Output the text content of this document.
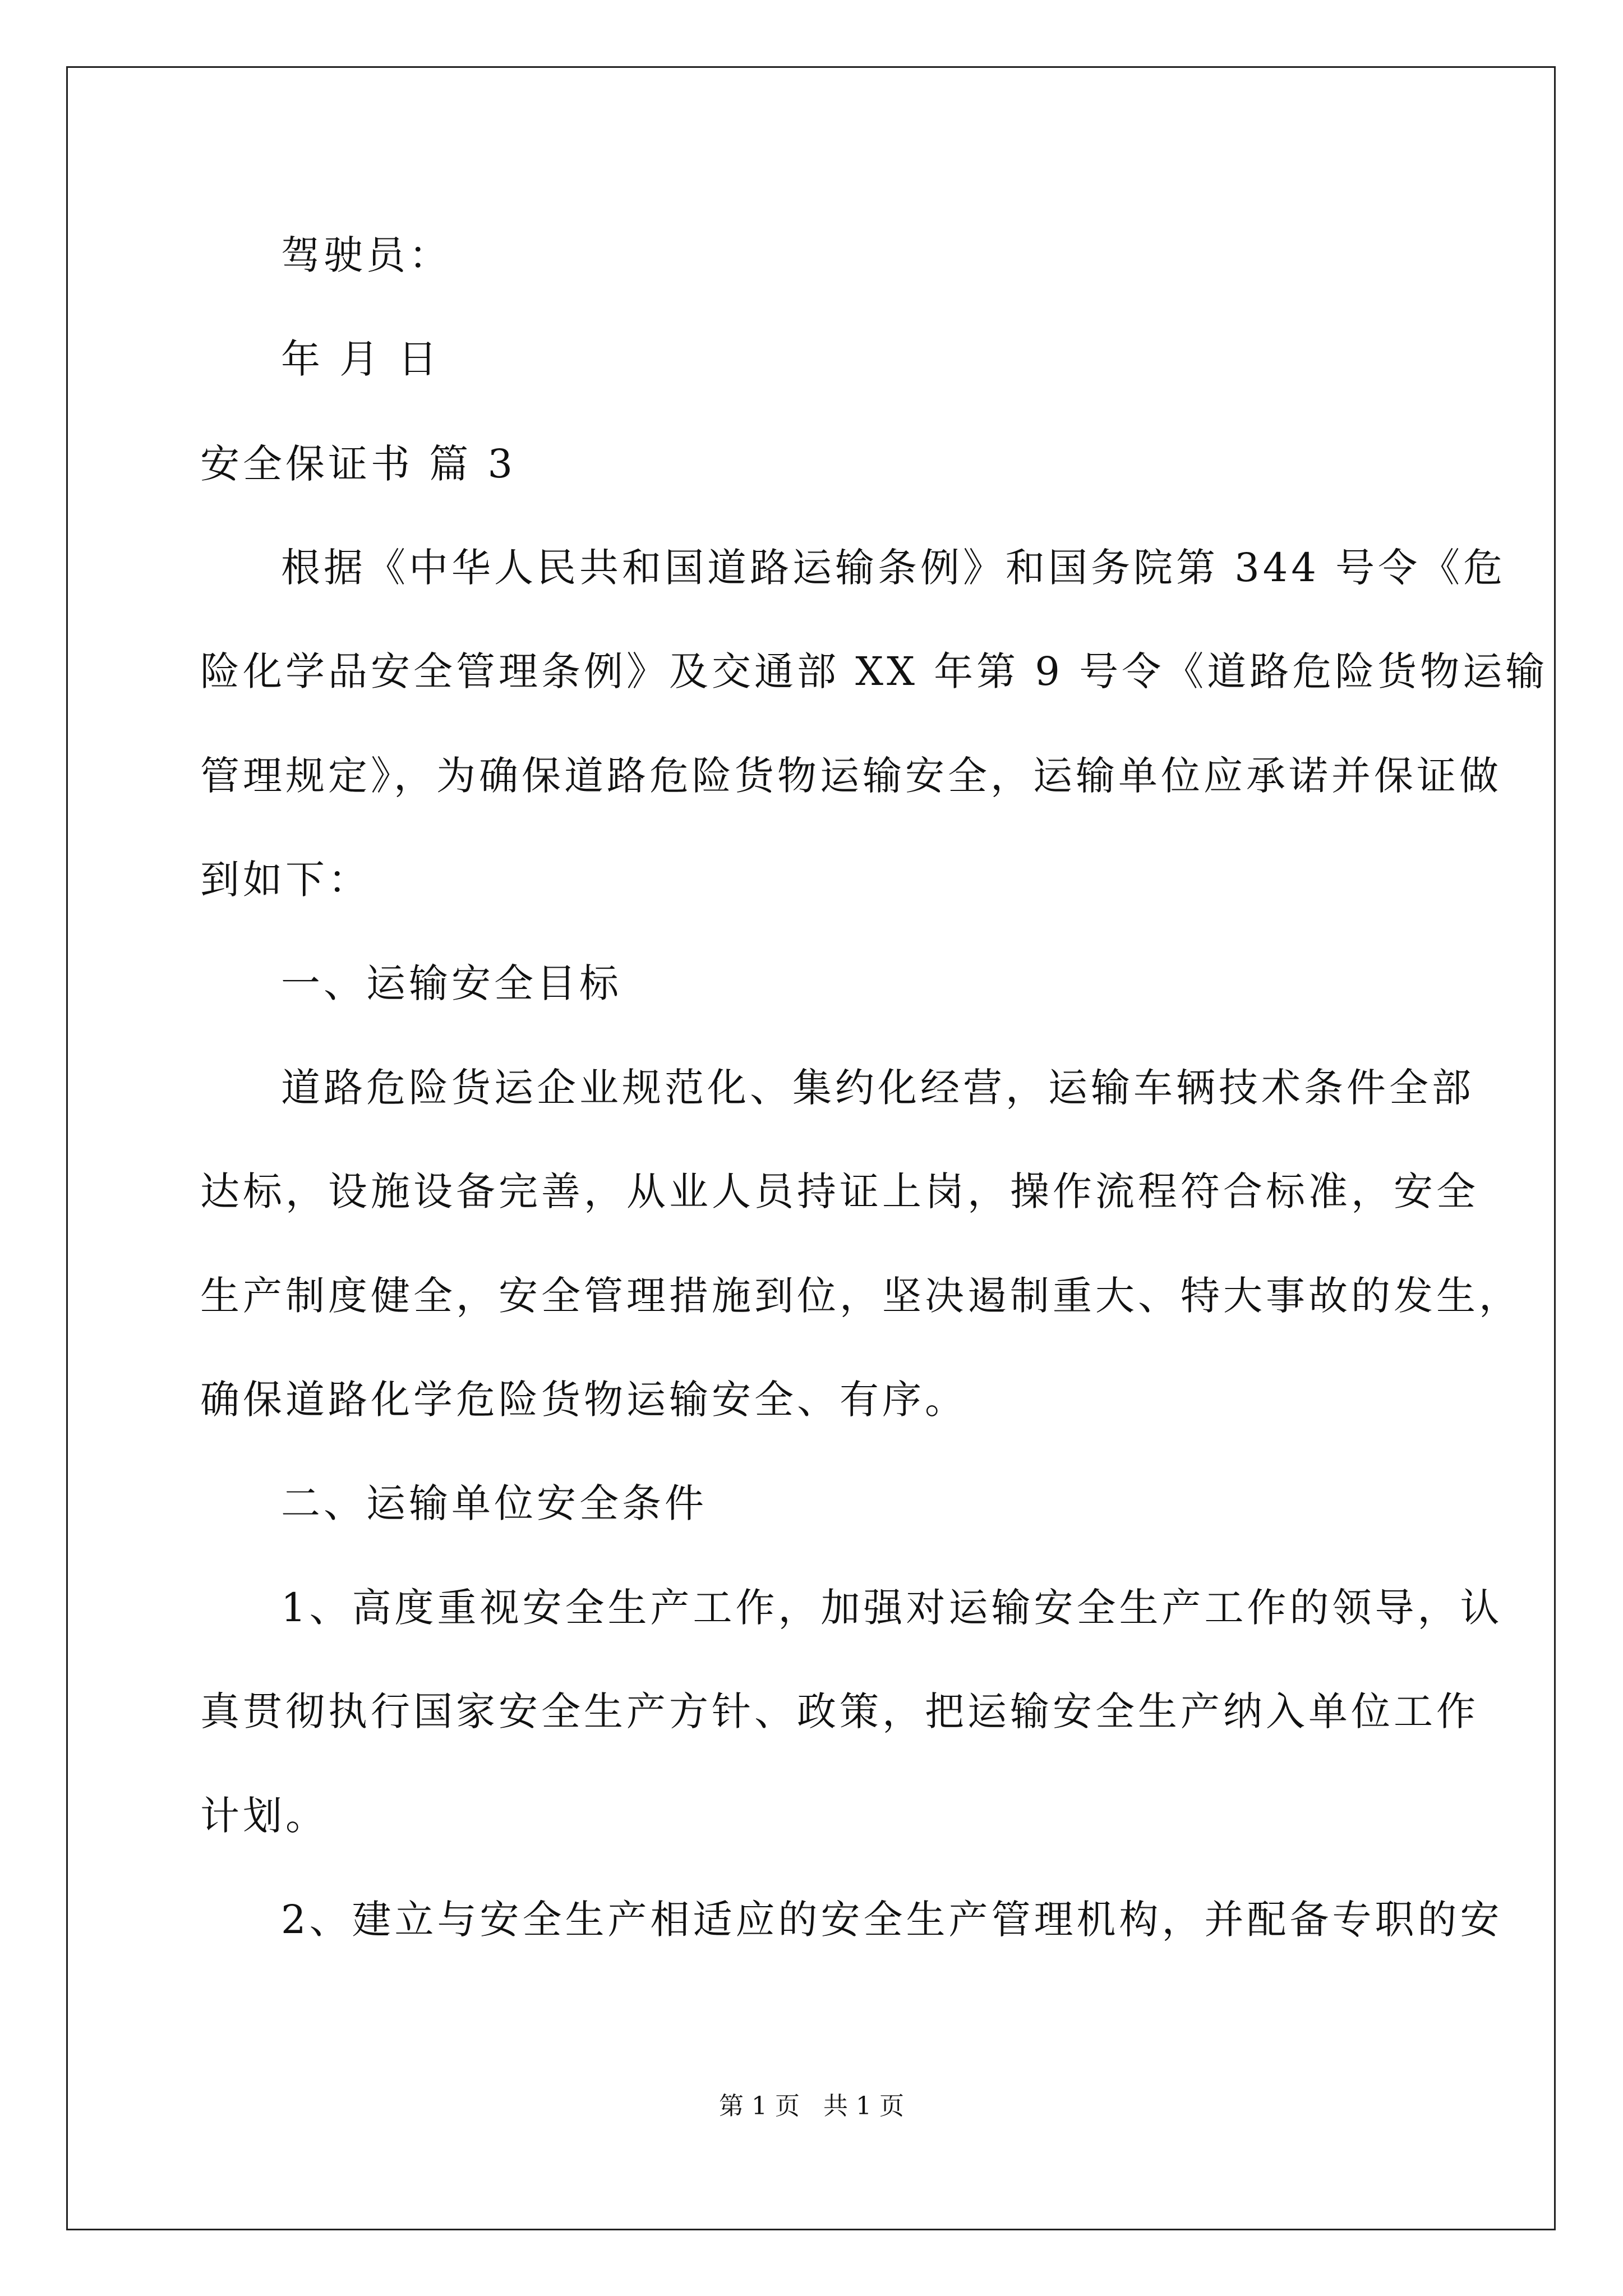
驾驶员：
年 月 日
安全保证书 篇 3
根据《中华人民共和国道路运输条例》和国务院第 344 号令《危
险化学品安全管理条例》及交通部 XX 年第 9 号令《道路危险货物运输
管理规定》，为确保道路危险货物运输安全，运输单位应承诺并保证做
到如下：
一、运输安全目标
道路危险货运企业规范化、集约化经营，运输车辆技术条件全部
达标，设施设备完善，从业人员持证上岗，操作流程符合标准，安全
生产制度健全，安全管理措施到位，坚决遏制重大、特大事故的发生，
确保道路化学危险货物运输安全、有序。
二、运输单位安全条件
1、高度重视安全生产工作，加强对运输安全生产工作的领导，认
真贯彻执行国家安全生产方针、政策，把运输安全生产纳入单位工作
计划。
2、建立与安全生产相适应的安全生产管理机构，并配备专职的安
第 1 页 共 1 页
